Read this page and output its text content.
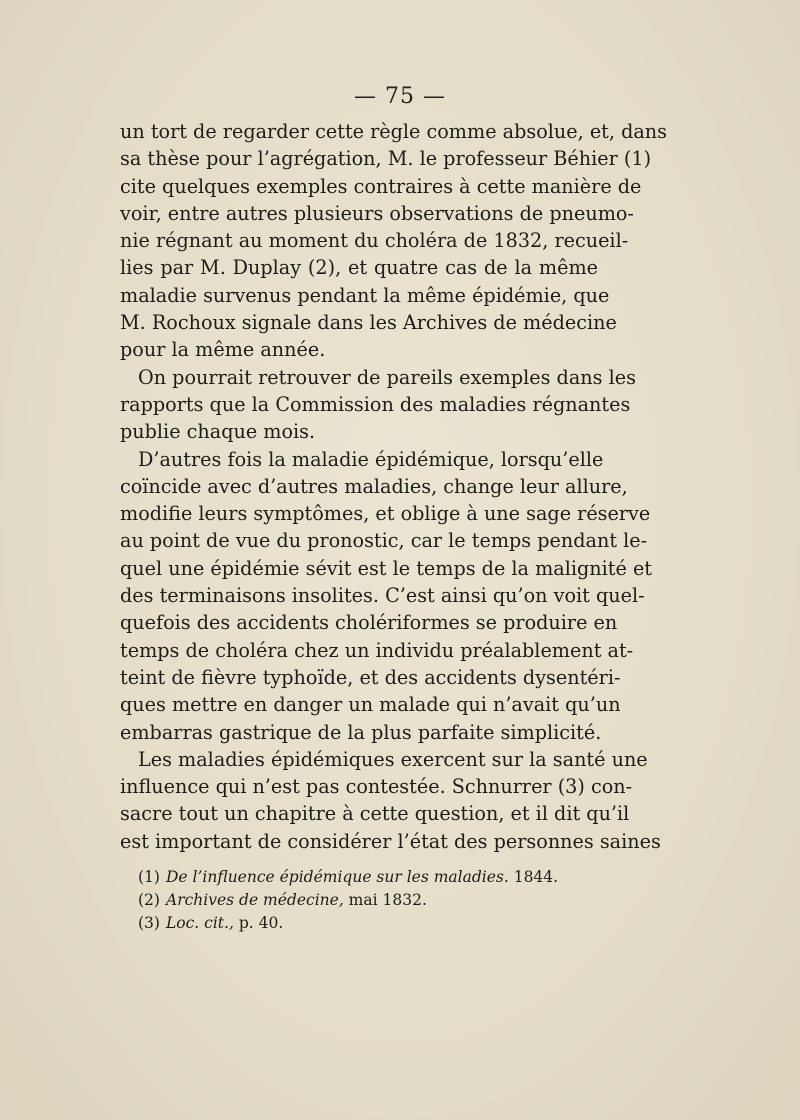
— 75 —
un tort de regarder cette règle comme absolue, et, dans
sa thèse pour l’agrégation, M. le professeur Béhier (1)
cite quelques exemples contraires à cette manière de
voir, entre autres plusieurs observations de pneumo-
nie régnant au moment du choléra de 1832, recueil-
lies par M. Duplay (2), et quatre cas de la même
maladie survenus pendant la même épidémie, que
M. Rochoux signale dans les Archives de médecine
pour la même année.
On pourrait retrouver de pareils exemples dans les
rapports que la Commission des maladies régnantes
publie chaque mois.
D’autres fois la maladie épidémique, lorsqu’elle
coïncide avec d’autres maladies, change leur allure,
modifie leurs symptômes, et oblige à une sage réserve
au point de vue du pronostic, car le temps pendant le-
quel une épidémie sévit est le temps de la malignité et
des terminaisons insolites. C’est ainsi qu’on voit quel-
quefois des accidents cholériformes se produire en
temps de choléra chez un individu préalablement at-
teint de fièvre typhoïde, et des accidents dysentéri-
ques mettre en danger un malade qui n’avait qu’un
embarras gastrique de la plus parfaite simplicité.
Les maladies épidémiques exercent sur la santé une
influence qui n’est pas contestée. Schnurrer (3) con-
sacre tout un chapitre à cette question, et il dit qu’il
est important de considérer l’état des personnes saines
(1) De l’influence épidémique sur les maladies. 1844.
(2) Archives de médecine, mai 1832.
(3) Loc. cit., p. 40.
